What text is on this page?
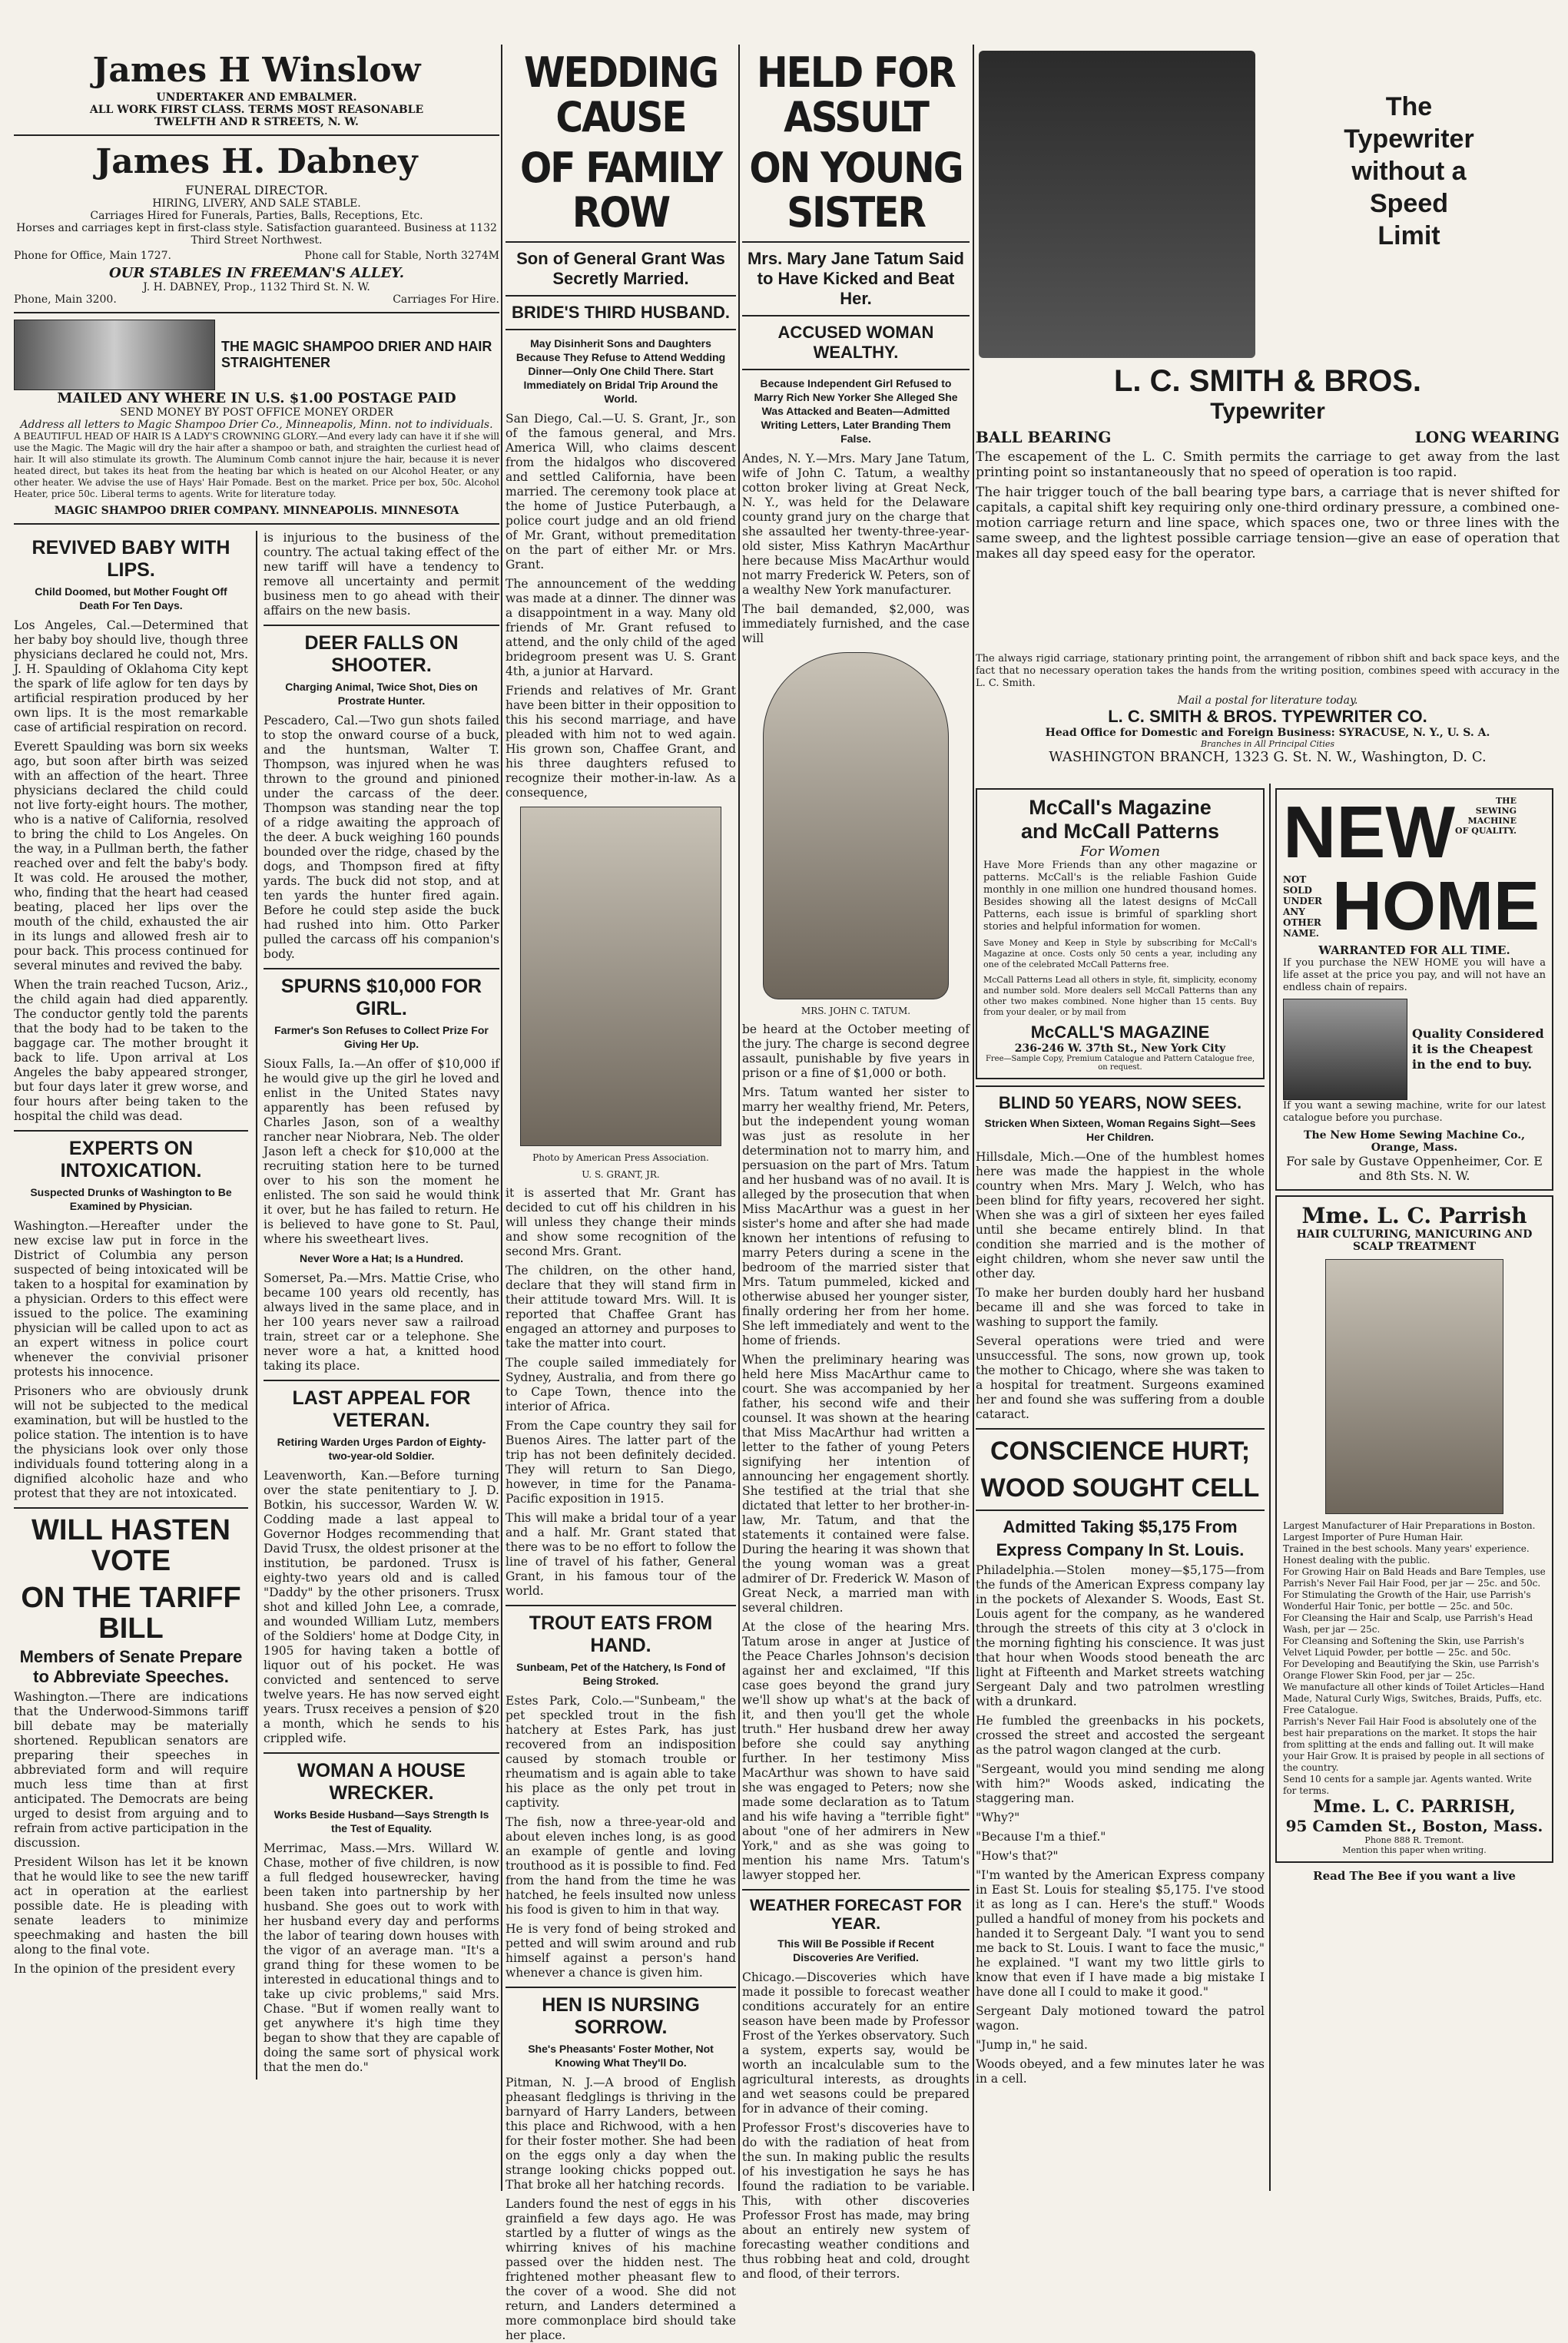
James H Winslow
UNDERTAKER AND EMBALMER.
ALL WORK FIRST CLASS. TERMS MOST REASONABLE
TWELFTH AND R STREETS, N. W.
James H. Dabney
FUNERAL DIRECTOR.
HIRING, LIVERY, AND SALE STABLE.
Carriages Hired for Funerals, Parties, Balls, Receptions, Etc.
Horses and carriages kept in first-class style. Satisfaction guaranteed. Business at 1132 Third Street Northwest.
Phone for Office, Main 1727.	Phone call for Stable, North 3274M
OUR STABLES IN FREEMAN'S ALLEY.
J. H. DABNEY, Prop., 1132 Third St. N. W.
Phone, Main 3200.	Carriages For Hire.
THE MAGIC SHAMPOO DRIER AND HAIR STRAIGHTENER
MAILED ANY WHERE IN U.S. $1.00 POSTAGE PAID
SEND MONEY BY POST OFFICE MONEY ORDER
Address all letters to Magic Shampoo Drier Co., Minneapolis, Minn. not to individuals.

A BEAUTIFUL HEAD OF HAIR IS A LADY'S CROWNING GLORY.—And every lady can have it if she will use the Magic. The Magic will dry the hair after a shampoo or bath, and straighten the curliest head of hair. It will also stimulate its growth. The Aluminum Comb cannot injure the hair, because it is never heated direct, but takes its heat from the heating bar which is heated on our Alcohol Heater, or any other heater. We advise the use of Hays' Hair Pomade. Best on the market. Price per box, 50c. Alcohol Heater, price 50c. Liberal terms to agents. Write for literature today.

MAGIC SHAMPOO DRIER COMPANY. MINNEAPOLIS. MINNESOTA
REVIVED BABY WITH LIPS.
Child Doomed, but Mother Fought Off Death For Ten Days.

Los Angeles, Cal.—Determined that her baby boy should live, though three physicians declared he could not, Mrs. J. H. Spaulding of Oklahoma City kept the spark of life aglow for ten days by artificial respiration produced by her own lips. It is the most remarkable case of artificial respiration on record.

Everett Spaulding was born six weeks ago, but soon after birth was seized with an affection of the heart. Three physicians declared the child could not live forty-eight hours. The mother, who is a native of California, resolved to bring the child to Los Angeles. On the way, in a Pullman berth, the father reached over and felt the baby's body. It was cold. He aroused the mother, who, finding that the heart had ceased beating, placed her lips over the mouth of the child, exhausted the air in its lungs and allowed fresh air to pour back. This process continued for several minutes and revived the baby.

When the train reached Tucson, Ariz., the child again had died apparently. The conductor gently told the parents that the body had to be taken to the baggage car. The mother brought it back to life. Upon arrival at Los Angeles the baby appeared stronger, but four days later it grew worse, and four hours after being taken to the hospital the child was dead.

EXPERTS ON INTOXICATION.
Suspected Drunks of Washington to Be Examined by Physician.

Washington.—Hereafter under the new excise law put in force in the District of Columbia any person suspected of being intoxicated will be taken to a hospital for examination by a physician. Orders to this effect were issued to the police. The examining physician will be called upon to act as an expert witness in police court whenever the convivial prisoner protests his innocence.

Prisoners who are obviously drunk will not be subjected to the medical examination, but will be hustled to the police station. The intention is to have the physicians look over only those individuals found tottering along in a dignified alcoholic haze and who protest that they are not intoxicated.

WILL HASTEN VOTE
ON THE TARIFF BILL
Members of Senate Prepare to Abbreviate Speeches.

Washington.—There are indications that the Underwood-Simmons tariff bill debate may be materially shortened. Republican senators are preparing their speeches in abbreviated form and will require much less time than at first anticipated. The Democrats are being urged to desist from arguing and to refrain from active participation in the discussion.

President Wilson has let it be known that he would like to see the new tariff act in operation at the earliest possible date. He is pleading with senate leaders to minimize speechmaking and hasten the bill along to the final vote.

In the opinion of the president every

is injurious to the business of the country. The actual taking effect of the new tariff will have a tendency to remove all uncertainty and permit business men to go ahead with their affairs on the new basis.

DEER FALLS ON SHOOTER.
Charging Animal, Twice Shot, Dies on Prostrate Hunter.

Pescadero, Cal.—Two gun shots failed to stop the onward course of a buck, and the huntsman, Walter T. Thompson, was injured when he was thrown to the ground and pinioned under the carcass of the deer. Thompson was standing near the top of a ridge awaiting the approach of the deer. A buck weighing 160 pounds bounded over the ridge, chased by the dogs, and Thompson fired at fifty yards. The buck did not stop, and at ten yards the hunter fired again. Before he could step aside the buck had rushed into him. Otto Parker pulled the carcass off his companion's body.

SPURNS $10,000 FOR GIRL.
Farmer's Son Refuses to Collect Prize For Giving Her Up.

Sioux Falls, Ia.—An offer of $10,000 if he would give up the girl he loved and enlist in the United States navy apparently has been refused by Charles Jason, son of a wealthy rancher near Niobrara, Neb. The older Jason left a check for $10,000 at the recruiting station here to be turned over to his son the moment he enlisted. The son said he would think it over, but he has failed to return. He is believed to have gone to St. Paul, where his sweetheart lives.

Never Wore a Hat; Is a Hundred.

Somerset, Pa.—Mrs. Mattie Crise, who became 100 years old recently, has always lived in the same place, and in her 100 years never saw a railroad train, street car or a telephone. She never wore a hat, a knitted hood taking its place.

LAST APPEAL FOR VETERAN.
Retiring Warden Urges Pardon of Eighty-two-year-old Soldier.

Leavenworth, Kan.—Before turning over the state penitentiary to J. D. Botkin, his successor, Warden W. W. Codding made a last appeal to Governor Hodges recommending that David Trusx, the oldest prisoner at the institution, be pardoned. Trusx is eighty-two years old and is called "Daddy" by the other prisoners. Trusx shot and killed John Lee, a comrade, and wounded William Lutz, members of the Soldiers' home at Dodge City, in 1905 for having taken a bottle of liquor out of his pocket. He was convicted and sentenced to serve twelve years. He has now served eight years. Trusx receives a pension of $20 a month, which he sends to his crippled wife.

WOMAN A HOUSE WRECKER.
Works Beside Husband—Says Strength Is the Test of Equality.

Merrimac, Mass.—Mrs. Willard W. Chase, mother of five children, is now a full fledged housewrecker, having been taken into partnership by her husband. She goes out to work with her husband every day and performs the labor of tearing down houses with the vigor of an average man. "It's a grand thing for these women to be interested in educational things and to take up civic problems," said Mrs. Chase. "But if women really want to get anywhere it's high time they began to show that they are capable of doing the same sort of physical work that the men do."

WEDDING CAUSE
OF FAMILY ROW
Son of General Grant Was Secretly Married.
BRIDE'S THIRD HUSBAND.
May Disinherit Sons and Daughters Because They Refuse to Attend Wedding Dinner—Only One Child There. Start Immediately on Bridal Trip Around the World.

San Diego, Cal.—U. S. Grant, Jr., son of the famous general, and Mrs. America Will, who claims descent from the hidalgos who discovered and settled California, have been married. The ceremony took place at the home of Justice Puterbaugh, a police court judge and an old friend of Mr. Grant, without premeditation on the part of either Mr. or Mrs. Grant.

The announcement of the wedding was made at a dinner. The dinner was a disappointment in a way. Many old friends of Mr. Grant refused to attend, and the only child of the aged bridegroom present was U. S. Grant 4th, a junior at Harvard.

Friends and relatives of Mr. Grant have been bitter in their opposition to this his second marriage, and have pleaded with him not to wed again. His grown son, Chaffee Grant, and his three daughters refused to recognize their mother-in-law. As a consequence,

Photo by American Press Association.
U. S. GRANT, JR.

it is asserted that Mr. Grant has decided to cut off his children in his will unless they change their minds and show some recognition of the second Mrs. Grant.

The children, on the other hand, declare that they will stand firm in their attitude toward Mrs. Will. It is reported that Chaffee Grant has engaged an attorney and purposes to take the matter into court.

The couple sailed immediately for Sydney, Australia, and from there go to Cape Town, thence into the interior of Africa.

From the Cape country they sail for Buenos Aires. The latter part of the trip has not been definitely decided. They will return to San Diego, however, in time for the Panama-Pacific exposition in 1915.

This will make a bridal tour of a year and a half. Mr. Grant stated that there was to be no effort to follow the line of travel of his father, General Grant, in his famous tour of the world.

TROUT EATS FROM HAND.
Sunbeam, Pet of the Hatchery, Is Fond of Being Stroked.

Estes Park, Colo.—"Sunbeam," the pet speckled trout in the fish hatchery at Estes Park, has just recovered from an indisposition caused by stomach trouble or rheumatism and is again able to take his place as the only pet trout in captivity.

The fish, now a three-year-old and about eleven inches long, is as good an example of gentle and loving trouthood as it is possible to find. Fed from the hand from the time he was hatched, he feels insulted now unless his food is given to him in that way.

He is very fond of being stroked and petted and will swim around and rub himself against a person's hand whenever a chance is given him.

HEN IS NURSING SORROW.
She's Pheasants' Foster Mother, Not Knowing What They'll Do.

Pitman, N. J.—A brood of English pheasant fledglings is thriving in the barnyard of Harry Landers, between this place and Richwood, with a hen for their foster mother. She had been on the eggs only a day when the strange looking chicks popped out. That broke all her hatching records.

Landers found the nest of eggs in his grainfield a few days ago. He was startled by a flutter of wings as the whirring knives of his machine passed over the hidden nest. The frightened mother pheasant flew to the cover of a wood. She did not return, and Landers determined a more commonplace bird should take her place.

HELD FOR ASSULT
ON YOUNG SISTER
Mrs. Mary Jane Tatum Said to Have Kicked and Beat Her.
ACCUSED WOMAN WEALTHY.
Because Independent Girl Refused to Marry Rich New Yorker She Alleged She Was Attacked and Beaten—Admitted Writing Letters, Later Branding Them False.

Andes, N. Y.—Mrs. Mary Jane Tatum, wife of John C. Tatum, a wealthy cotton broker living at Great Neck, N. Y., was held for the Delaware county grand jury on the charge that she assaulted her twenty-three-year-old sister, Miss Kathryn MacArthur here because Miss MacArthur would not marry Frederick W. Peters, son of a wealthy New York manufacturer.

The bail demanded, $2,000, was immediately furnished, and the case will

MRS. JOHN C. TATUM.

be heard at the October meeting of the jury. The charge is second degree assault, punishable by five years in prison or a fine of $1,000 or both.

Mrs. Tatum wanted her sister to marry her wealthy friend, Mr. Peters, but the independent young woman was just as resolute in her determination not to marry him, and persuasion on the part of Mrs. Tatum and her husband was of no avail. It is alleged by the prosecution that when Miss MacArthur was a guest in her sister's home and after she had made known her intentions of refusing to marry Peters during a scene in the bedroom of the married sister that Mrs. Tatum pummeled, kicked and otherwise abused her younger sister, finally ordering her from her home. She left immediately and went to the home of friends.

When the preliminary hearing was held here Miss MacArthur came to court. She was accompanied by her father, his second wife and their counsel. It was shown at the hearing that Miss MacArthur had written a letter to the father of young Peters signifying her intention of announcing her engagement shortly. She testified at the trial that she dictated that letter to her brother-in-law, Mr. Tatum, and that the statements it contained were false. During the hearing it was shown that the young woman was a great admirer of Dr. Frederick W. Mason of Great Neck, a married man with several children.

At the close of the hearing Mrs. Tatum arose in anger at Justice of the Peace Charles Johnson's decision against her and exclaimed, "If this case goes beyond the grand jury we'll show up what's at the back of it, and then you'll get the whole truth." Her husband drew her away before she could say anything further. In her testimony Miss MacArthur was shown to have said she was engaged to Peters; now she made some declaration as to Tatum and his wife having a "terrible fight" about "one of her admirers in New York," and as she was going to mention his name Mrs. Tatum's lawyer stopped her.

WEATHER FORECAST FOR YEAR.
This Will Be Possible if Recent Discoveries Are Verified.

Chicago.—Discoveries which have made it possible to forecast weather conditions accurately for an entire season have been made by Professor Frost of the Yerkes observatory. Such a system, experts say, would be worth an incalculable sum to the agricultural interests, as droughts and wet seasons could be prepared for in advance of their coming.

Professor Frost's discoveries have to do with the radiation of heat from the sun. In making public the results of his investigation he says he has found the radiation to be variable. This, with other discoveries Professor Frost has made, may bring about an entirely new system of forecasting weather conditions and thus robbing heat and cold, drought and flood, of their terrors.

The
Typewriter
without a
Speed
Limit
L. C. SMITH & BROS.
Typewriter
BALL BEARING	LONG WEARING

The escapement of the L. C. Smith permits the carriage to get away from the last printing point so instantaneously that no speed of operation is too rapid.

The hair trigger touch of the ball bearing type bars, a carriage that is never shifted for capitals, a capital shift key requiring only one-third ordinary pressure, a combined one-motion carriage return and line space, which spaces one, two or three lines with the same sweep, and the lightest possible carriage tension—give an ease of operation that makes all day speed easy for the operator.

The always rigid carriage, stationary printing point, the arrangement of ribbon shift and back space keys, and the fact that no necessary operation takes the hands from the writing position, combines speed with accuracy in the L. C. Smith.

Mail a postal for literature today.
L. C. SMITH & BROS. TYPEWRITER CO.
Head Office for Domestic and Foreign Business: SYRACUSE, N. Y., U. S. A.
Branches in All Principal Cities
WASHINGTON BRANCH, 1323 G. St. N. W., Washington, D. C.
McCall's Magazine
and McCall Patterns
For Women

Have More Friends than any other magazine or patterns. McCall's is the reliable Fashion Guide monthly in one million one hundred thousand homes. Besides showing all the latest designs of McCall Patterns, each issue is brimful of sparkling short stories and helpful information for women.

Save Money and Keep in Style by subscribing for McCall's Magazine at once. Costs only 50 cents a year, including any one of the celebrated McCall Patterns free.

McCall Patterns Lead all others in style, fit, simplicity, economy and number sold. More dealers sell McCall Patterns than any other two makes combined. None higher than 15 cents. Buy from your dealer, or by mail from

McCALL'S MAGAZINE
236-246 W. 37th St., New York City
Free—Sample Copy, Premium Catalogue and Pattern Catalogue free, on request.
BLIND 50 YEARS, NOW SEES.
Stricken When Sixteen, Woman Regains Sight—Sees Her Children.

Hillsdale, Mich.—One of the humblest homes here was made the happiest in the whole country when Mrs. Mary J. Welch, who has been blind for fifty years, recovered her sight. When she was a girl of sixteen her eyes failed until she became entirely blind. In that condition she married and is the mother of eight children, whom she never saw until the other day.

To make her burden doubly hard her husband became ill and she was forced to take in washing to support the family.

Several operations were tried and were unsuccessful. The sons, now grown up, took the mother to Chicago, where she was taken to a hospital for treatment. Surgeons examined her and found she was suffering from a double cataract.

CONSCIENCE HURT;
WOOD SOUGHT CELL
Admitted Taking $5,175 From
Express Company In St. Louis.

Philadelphia.—Stolen money—$5,175—from the funds of the American Express company lay in the pockets of Alexander S. Woods, East St. Louis agent for the company, as he wandered through the streets of this city at 3 o'clock in the morning fighting his conscience. It was just that hour when Woods stood beneath the arc light at Fifteenth and Market streets watching Sergeant Daly and two patrolmen wrestling with a drunkard.

He fumbled the greenbacks in his pockets, crossed the street and accosted the sergeant as the patrol wagon clanged at the curb.

"Sergeant, would you mind sending me along with him?" Woods asked, indicating the staggering man.

"Why?"

"Because I'm a thief."

"How's that?"

"I'm wanted by the American Express company in East St. Louis for stealing $5,175. I've stood it as long as I can. Here's the stuff." Woods pulled a handful of money from his pockets and handed it to Sergeant Daly. "I want you to send me back to St. Louis. I want to face the music," he explained. "I want my two little girls to know that even if I have made a big mistake I have done all I could to make it good."

Sergeant Daly motioned toward the patrol wagon.

"Jump in," he said.

Woods obeyed, and a few minutes later he was in a cell.

NEW	THE SEWING MACHINE OF QUALITY.
NOT SOLD UNDER ANY OTHER NAME. HOME
WARRANTED FOR ALL TIME.

If you purchase the NEW HOME you will have a life asset at the price you pay, and will not have an endless chain of repairs.

Quality Considered it is the Cheapest in the end to buy.

If you want a sewing machine, write for our latest catalogue before you purchase.

The New Home Sewing Machine Co., Orange, Mass.
For sale by Gustave Oppenheimer, Cor. E and 8th Sts. N. W.
Mme. L. C. Parrish
HAIR CULTURING, MANICURING AND SCALP TREATMENT
Largest Manufacturer of Hair Preparations in Boston.
Largest Importer of Pure Human Hair.
Trained in the best schools. Many years' experience.
Honest dealing with the public.
For Growing Hair on Bald Heads and Bare Temples, use Parrish's Never Fail Hair Food, per jar — 25c. and 50c.
For Stimulating the Growth of the Hair, use Parrish's Wonderful Hair Tonic, per bottle — 25c. and 50c.
For Cleansing the Hair and Scalp, use Parrish's Head Wash, per jar — 25c.
For Cleansing and Softening the Skin, use Parrish's Velvet Liquid Powder, per bottle — 25c. and 50c.
For Developing and Beautifying the Skin, use Parrish's Orange Flower Skin Food, per jar — 25c.
We manufacture all other kinds of Toilet Articles—Hand Made, Natural Curly Wigs, Switches, Braids, Puffs, etc. Free Catalogue.
Parrish's Never Fail Hair Food is absolutely one of the best hair preparations on the market. It stops the hair from splitting at the ends and falling out. It will make your Hair Grow. It is praised by people in all sections of the country.
Send 10 cents for a sample jar. Agents wanted. Write for terms.
Mme. L. C. PARRISH,
95 Camden St., Boston, Mass.
Phone 888 R. Tremont.
Mention this paper when writing.
Read The Bee if you want a live
